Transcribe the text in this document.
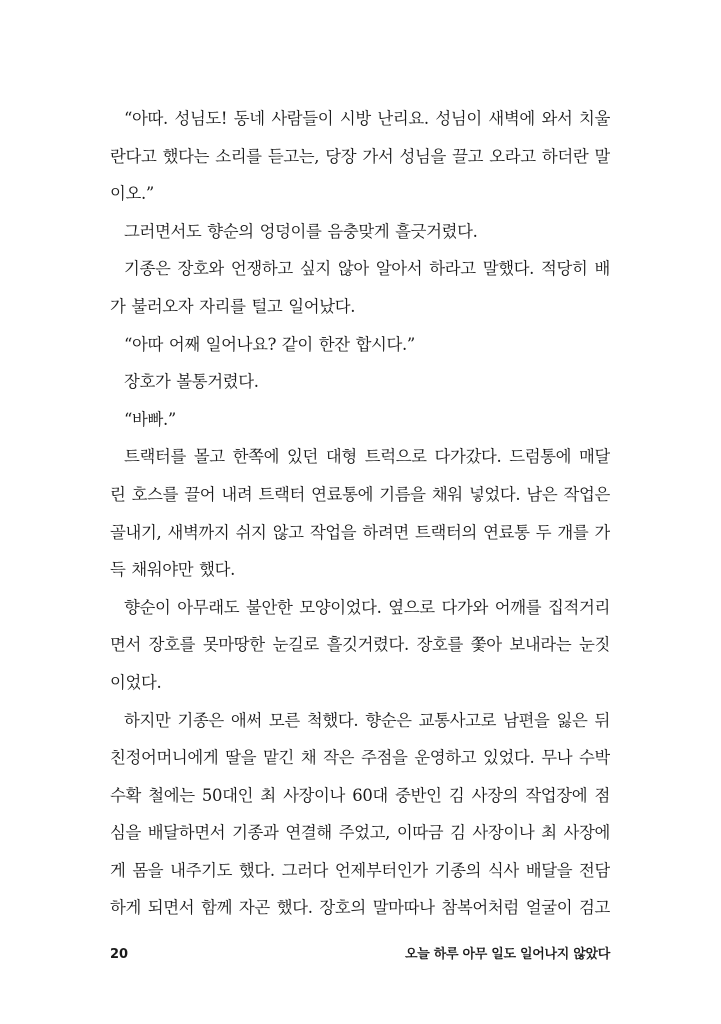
“아따. 성님도! 동네 사람들이 시방 난리요. 성님이 새벽에 와서 치울
란다고 했다는 소리를 듣고는, 당장 가서 성님을 끌고 오라고 하더란 말
이오.”
그러면서도 향순의 엉덩이를 음충맞게 흘긋거렸다.
기종은 장호와 언쟁하고 싶지 않아 알아서 하라고 말했다. 적당히 배
가 불러오자 자리를 털고 일어났다.
“아따 어째 일어나요? 같이 한잔 합시다.”
장호가 볼통거렸다.
“바빠.”
트랙터를 몰고 한쪽에 있던 대형 트럭으로 다가갔다. 드럼통에 매달
린 호스를 끌어 내려 트랙터 연료통에 기름을 채워 넣었다. 남은 작업은
골내기, 새벽까지 쉬지 않고 작업을 하려면 트랙터의 연료통 두 개를 가
득 채워야만 했다.
향순이 아무래도 불안한 모양이었다. 옆으로 다가와 어깨를 집적거리
면서 장호를 못마땅한 눈길로 흘깃거렸다. 장호를 쫓아 보내라는 눈짓
이었다.
하지만 기종은 애써 모른 척했다. 향순은 교통사고로 남편을 잃은 뒤
친정어머니에게 딸을 맡긴 채 작은 주점을 운영하고 있었다. 무나 수박
수확 철에는 50대인 최 사장이나 60대 중반인 김 사장의 작업장에 점
심을 배달하면서 기종과 연결해 주었고, 이따금 김 사장이나 최 사장에
게 몸을 내주기도 했다. 그러다 언제부터인가 기종의 식사 배달을 전담
하게 되면서 함께 자곤 했다. 장호의 말마따나 참복어처럼 얼굴이 검고
20	오늘 하루 아무 일도 일어나지 않았다
